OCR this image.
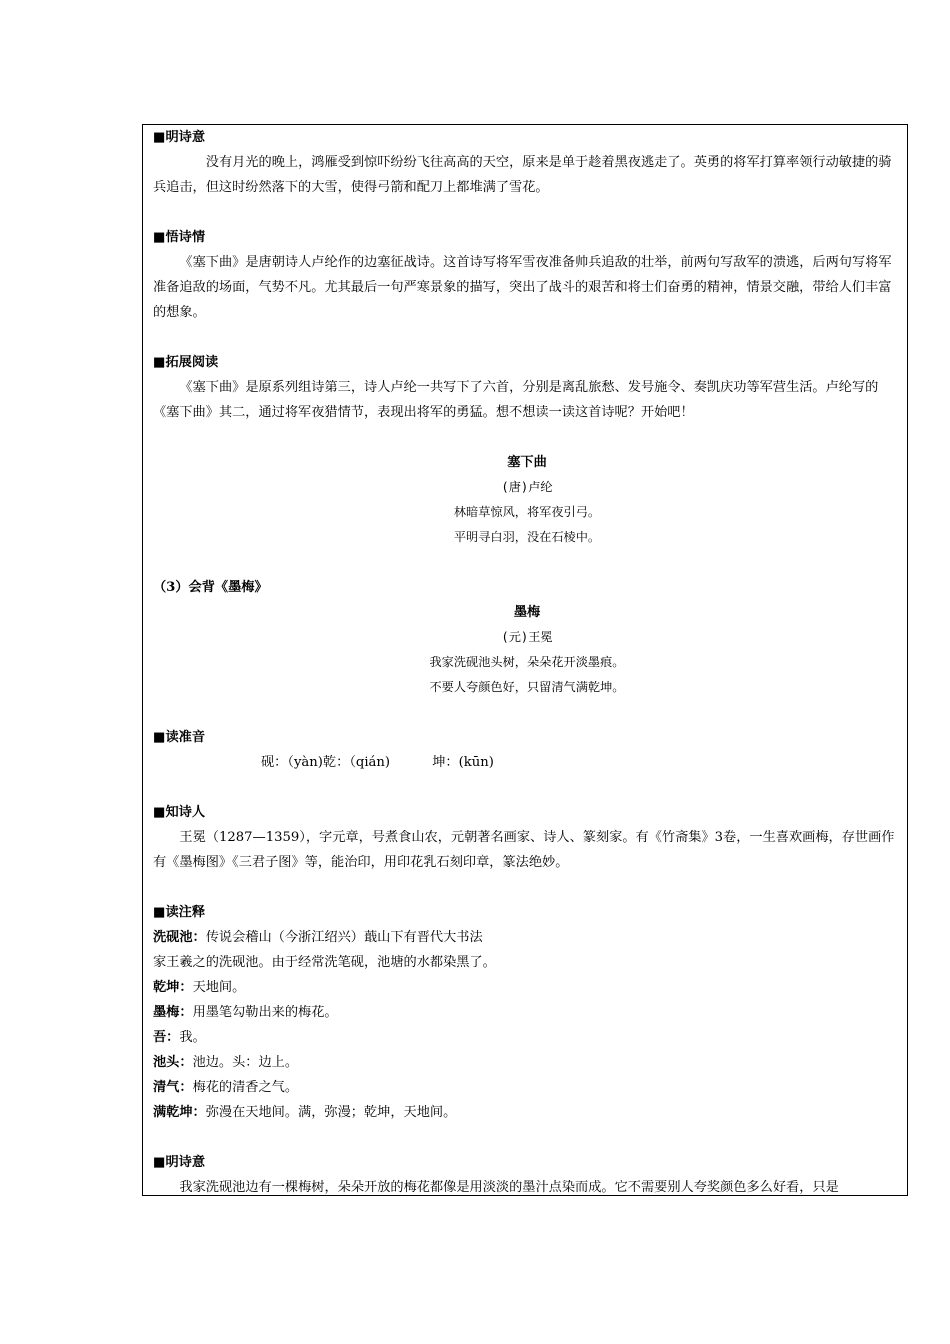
■明诗意

没有月光的晚上，鸿雁受到惊吓纷纷飞往高高的天空，原来是单于趁着黑夜逃走了。英勇的将军打算率领行动敏捷的骑兵追击，但这时纷然落下的大雪，使得弓箭和配刀上都堆满了雪花。

■悟诗情

《塞下曲》是唐朝诗人卢纶作的边塞征战诗。这首诗写将军雪夜准备帅兵追敌的壮举，前两句写敌军的溃逃，后两句写将军准备追敌的场面，气势不凡。尤其最后一句严寒景象的描写，突出了战斗的艰苦和将士们奋勇的精神，情景交融，带给人们丰富的想象。

■拓展阅读

《塞下曲》是原系列组诗第三，诗人卢纶一共写下了六首，分别是离乱旅愁、发号施令、奏凯庆功等军营生活。卢纶写的《塞下曲》其二，通过将军夜猎情节，表现出将军的勇猛。想不想读一读这首诗呢？开始吧！

塞下曲

(唐)卢纶

林暗草惊风，将军夜引弓。

平明寻白羽，没在石棱中。

（3）会背《墨梅》

墨梅

(元)王冕

我家洗砚池头树，朵朵花开淡墨痕。

不要人夸颜色好，只留清气满乾坤。

■读准音

砚：（yàn)乾：（qián)	坤：(kūn)

■知诗人

王冕（1287—1359），字元章，号煮食山农，元朝著名画家、诗人、篆刻家。有《竹斋集》3卷，一生喜欢画梅，存世画作有《墨梅图》《三君子图》等，能治印，用印花乳石刻印章，篆法绝妙。

■读注释

洗砚池：传说会稽山（今浙江绍兴）蕺山下有晋代大书法

家王羲之的洗砚池。由于经常洗笔砚，池塘的水都染黑了。

乾坤：天地间。

墨梅：用墨笔勾勒出来的梅花。

吾：我。

池头：池边。头：边上。

清气：梅花的清香之气。

满乾坤：弥漫在天地间。满，弥漫；乾坤，天地间。

■明诗意

我家洗砚池边有一棵梅树，朵朵开放的梅花都像是用淡淡的墨汁点染而成。它不需要别人夸奖颜色多么好看，只是
